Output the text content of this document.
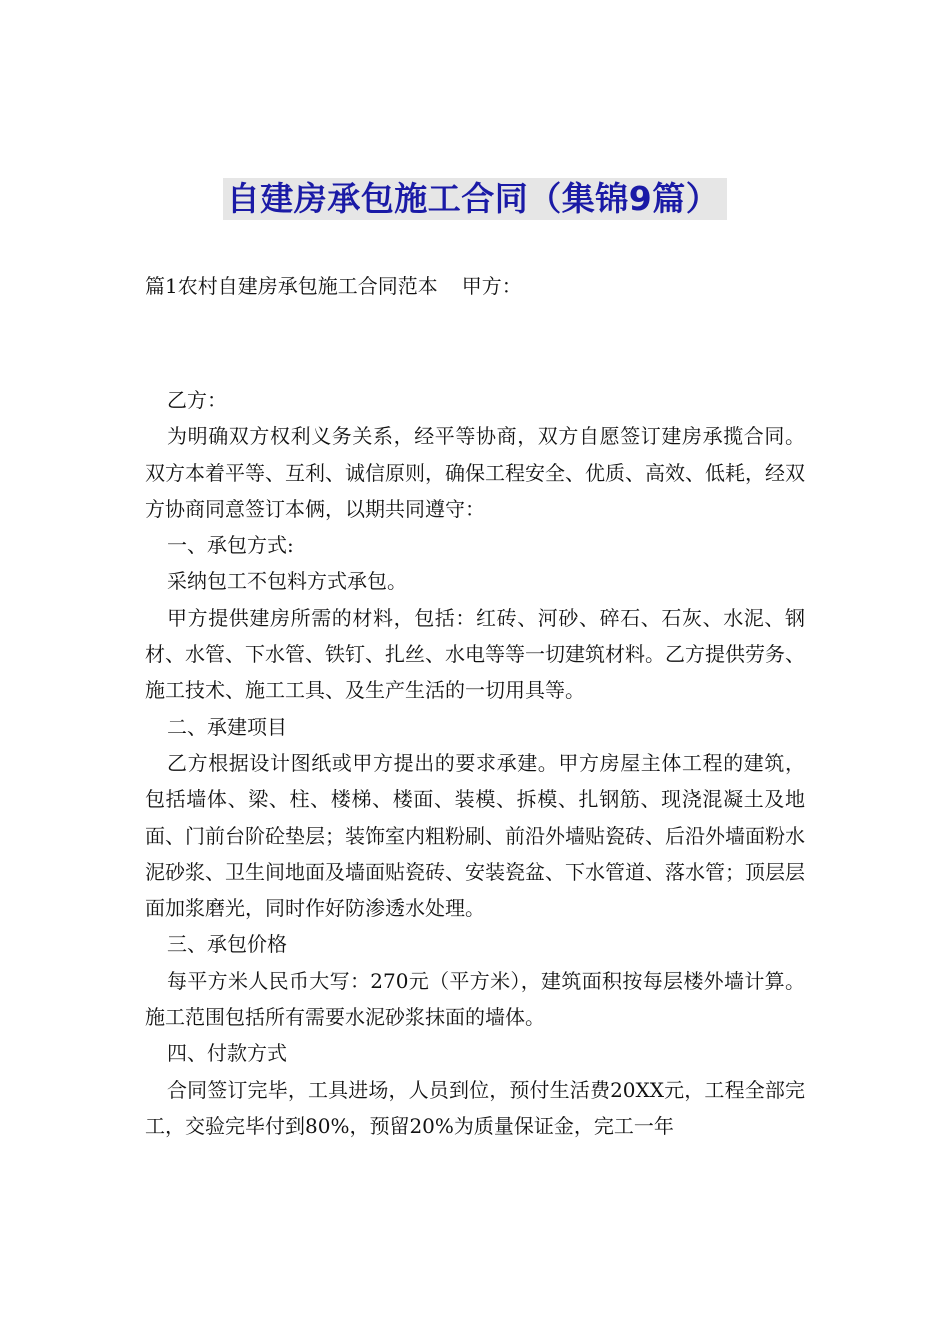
自建房承包施工合同（集锦9篇）
篇1农村自建房承包施工合同范本 甲方：

乙方：

为明确双方权利义务关系，经平等协商，双方自愿签订建房承揽合同。双方本着平等、互利、诚信原则，确保工程安全、优质、高效、低耗，经双方协商同意签订本俩，以期共同遵守：

一、承包方式:

采纳包工不包料方式承包。

甲方提供建房所需的材料，包括：红砖、河砂、碎石、石灰、水泥、钢材、水管、下水管、铁钉、扎丝、水电等等一切建筑材料。乙方提供劳务、施工技术、施工工具、及生产生活的一切用具等。

二、承建项目

乙方根据设计图纸或甲方提出的要求承建。甲方房屋主体工程的建筑，包括墙体、梁、柱、楼梯、楼面、装模、拆模、扎钢筋、现浇混凝土及地面、门前台阶砼垫层；装饰室内粗粉刷、前沿外墙贴瓷砖、后沿外墙面粉水泥砂浆、卫生间地面及墙面贴瓷砖、安装瓷盆、下水管道、落水管；顶层层面加浆磨光，同时作好防渗透水处理。

三、承包价格

每平方米人民币大写：270元（平方米），建筑面积按每层楼外墙计算。施工范围包括所有需要水泥砂浆抹面的墙体。

四、付款方式

合同签订完毕，工具进场，人员到位，预付生活费20XX元，工程全部完工，交验完毕付到80%，预留20%为质量保证金，完工一年
